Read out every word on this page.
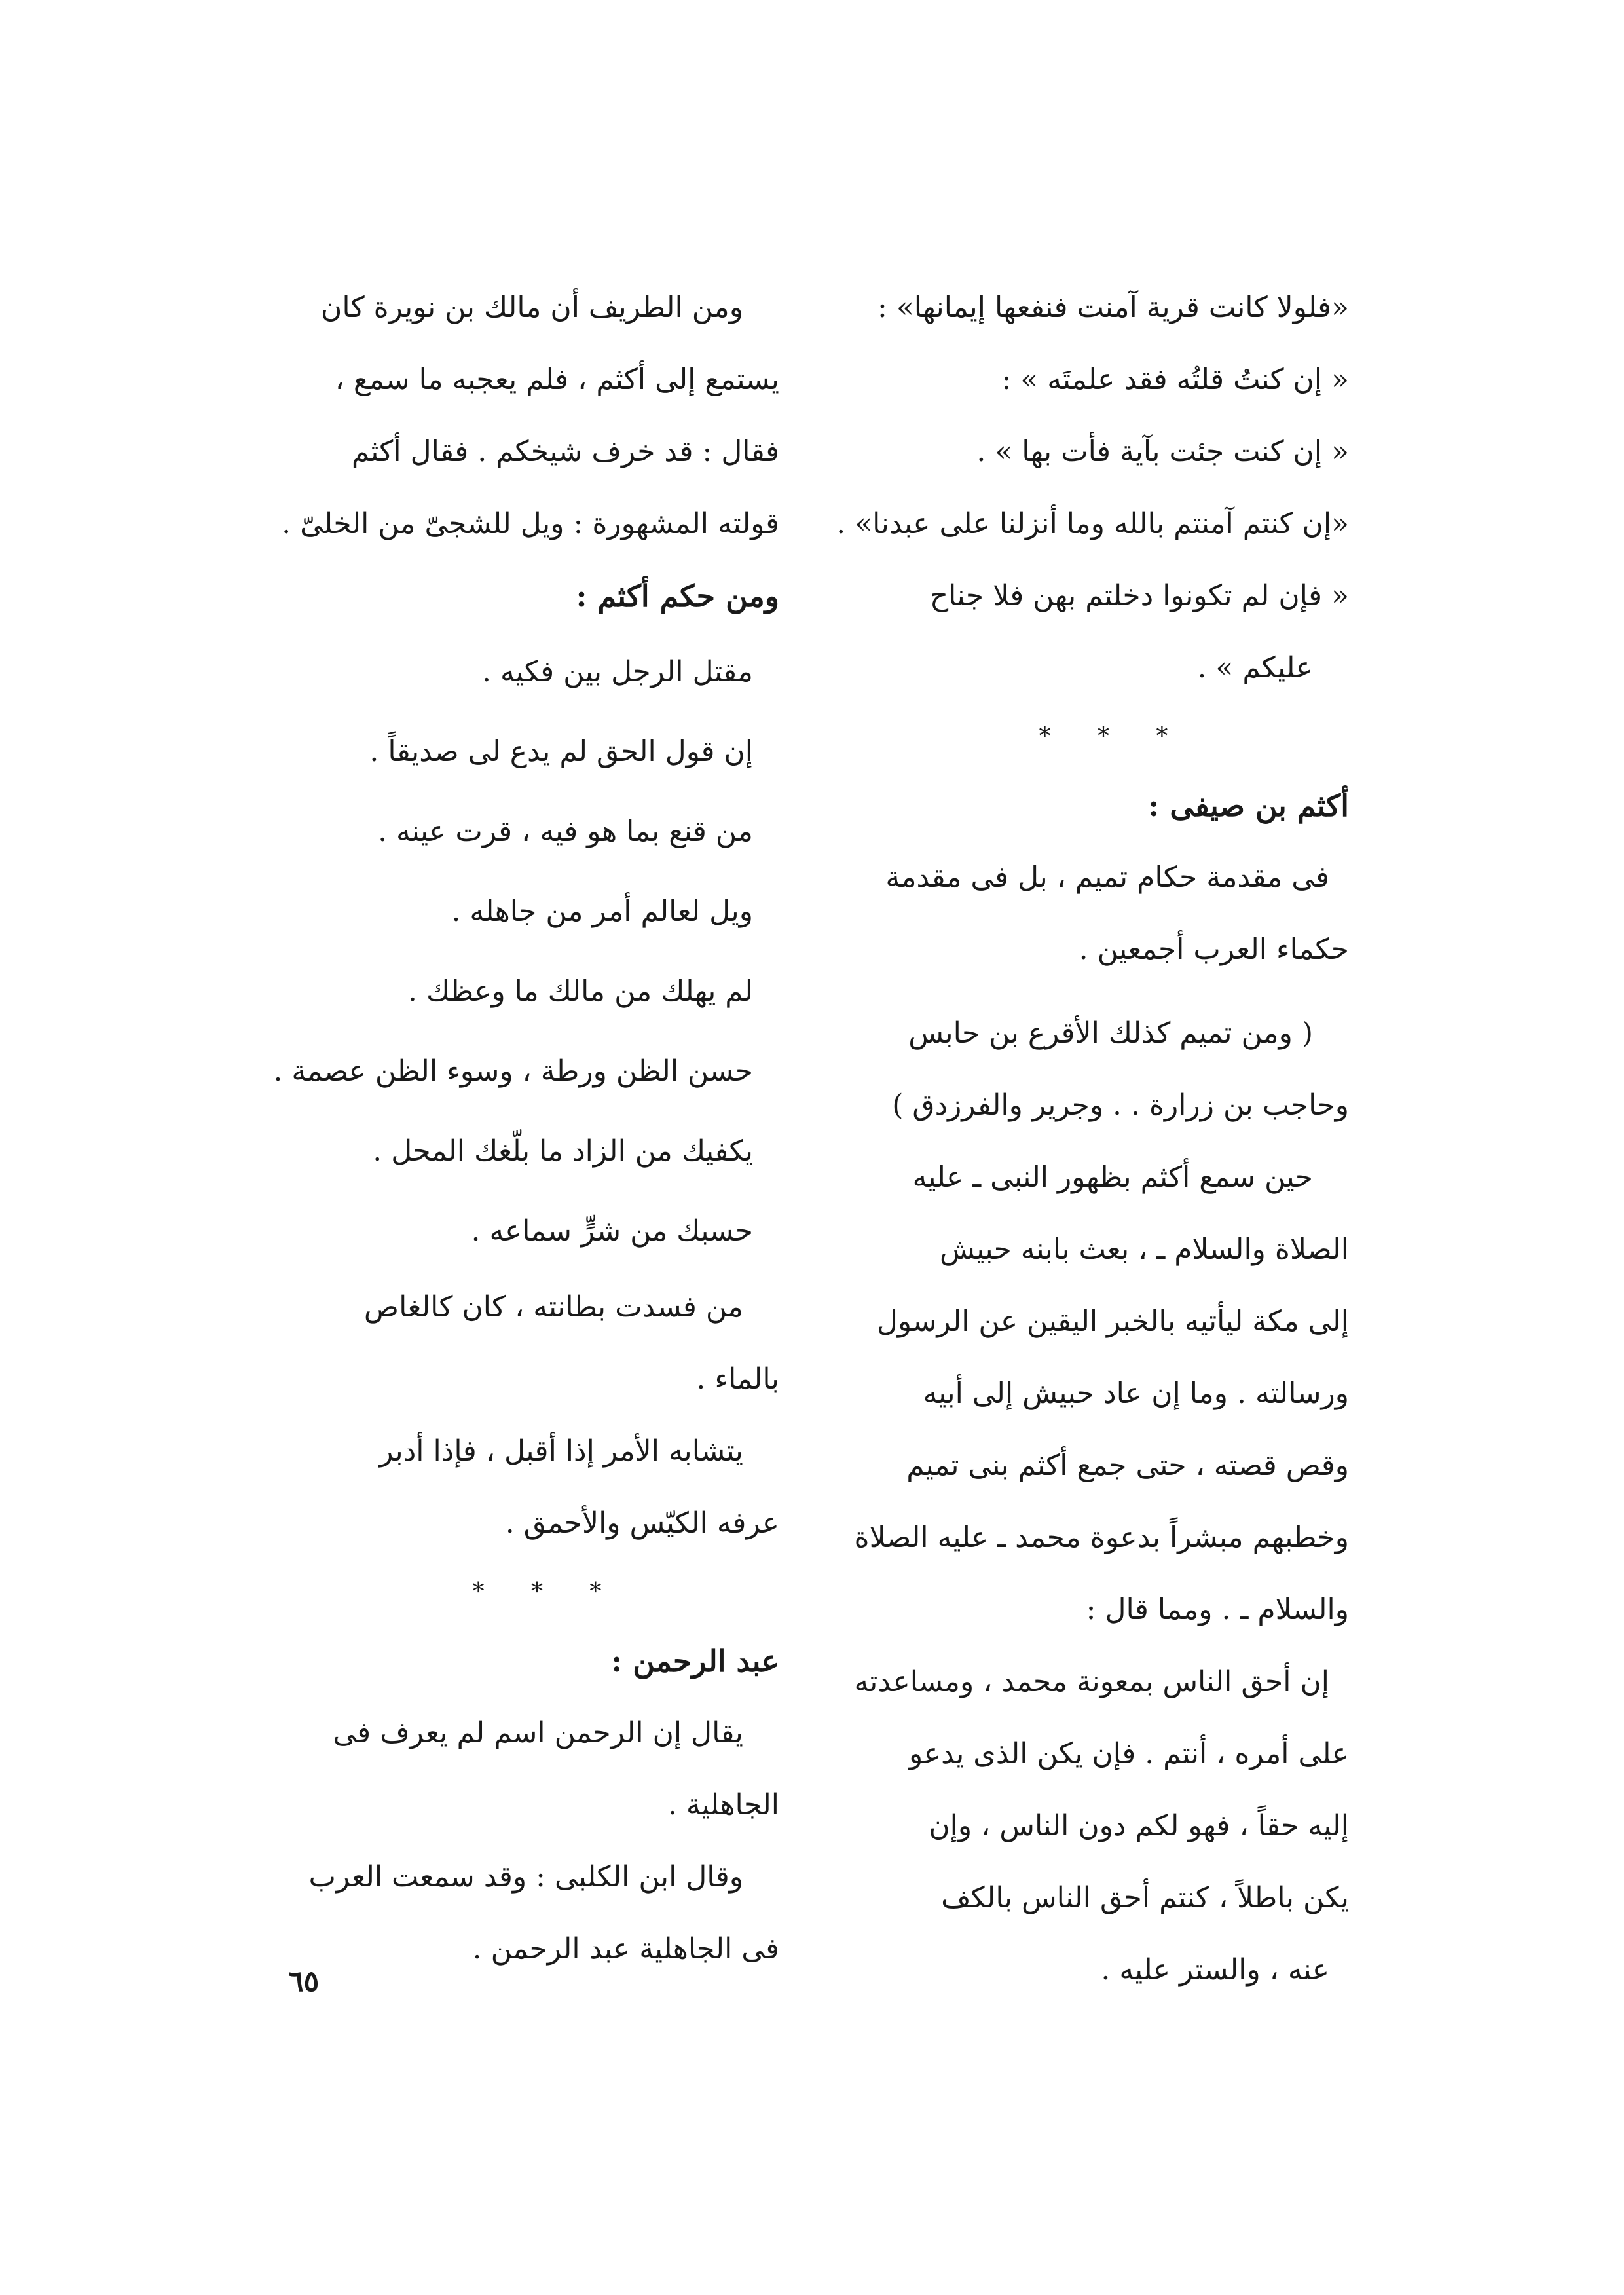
«فلولا كانت قرية آمنت فنفعها إيمانها» :
« إن كنتُ قلتُه فقد علمتَه » :
« إن كنت جئت بآية فأت بها » .
«إن كنتم آمنتم بالله وما أنزلنا على عبدنا» .
« فإن لم تكونوا دخلتم بهن فلا جناح
عليكم » .
* * *
أكثم بن صيفى :
فى مقدمة حكام تميم ، بل فى مقدمة
حكماء العرب أجمعين .
( ومن تميم كذلك الأقرع بن حابس
وحاجب بن زرارة . . وجرير والفرزدق )
حين سمع أكثم بظهور النبى ـ عليه
الصلاة والسلام ـ ، بعث بابنه حبيش
إلى مكة ليأتيه بالخبر اليقين عن الرسول
ورسالته . وما إن عاد حبيش إلى أبيه
وقص قصته ، حتى جمع أكثم بنى تميم
وخطبهم مبشراً بدعوة محمد ـ عليه الصلاة
والسلام ـ . ومما قال :
إن أحق الناس بمعونة محمد ، ومساعدته
على أمره ، أنتم . فإن يكن الذى يدعو
إليه حقاً ، فهو لكم دون الناس ، وإن
يكن باطلاً ، كنتم أحق الناس بالكف
عنه ، والستر عليه .
ومن الطريف أن مالك بن نويرة كان
يستمع إلى أكثم ، فلم يعجبه ما سمع ،
فقال : قد خرف شيخكم . فقال أكثم
قولته المشهورة : ويل للشجىّ من الخلىّ .
ومن حكم أكثم :
مقتل الرجل بين فكيه .
إن قول الحق لم يدع لى صديقاً .
من قنع بما هو فيه ، قرت عينه .
ويل لعالم أمر من جاهله .
لم يهلك من مالك ما وعظك .
حسن الظن ورطة ، وسوء الظن عصمة .
يكفيك من الزاد ما بلّغك المحل .
حسبك من شرٍّ سماعه .
من فسدت بطانته ، كان كالغاص
بالماء .
يتشابه الأمر إذا أقبل ، فإذا أدبر
عرفه الكيّس والأحمق .
* * *
عبد الرحمن :
يقال إن الرحمن اسم لم يعرف فى
الجاهلية .
وقال ابن الكلبى : وقد سمعت العرب
فى الجاهلية عبد الرحمن .
٦٥
